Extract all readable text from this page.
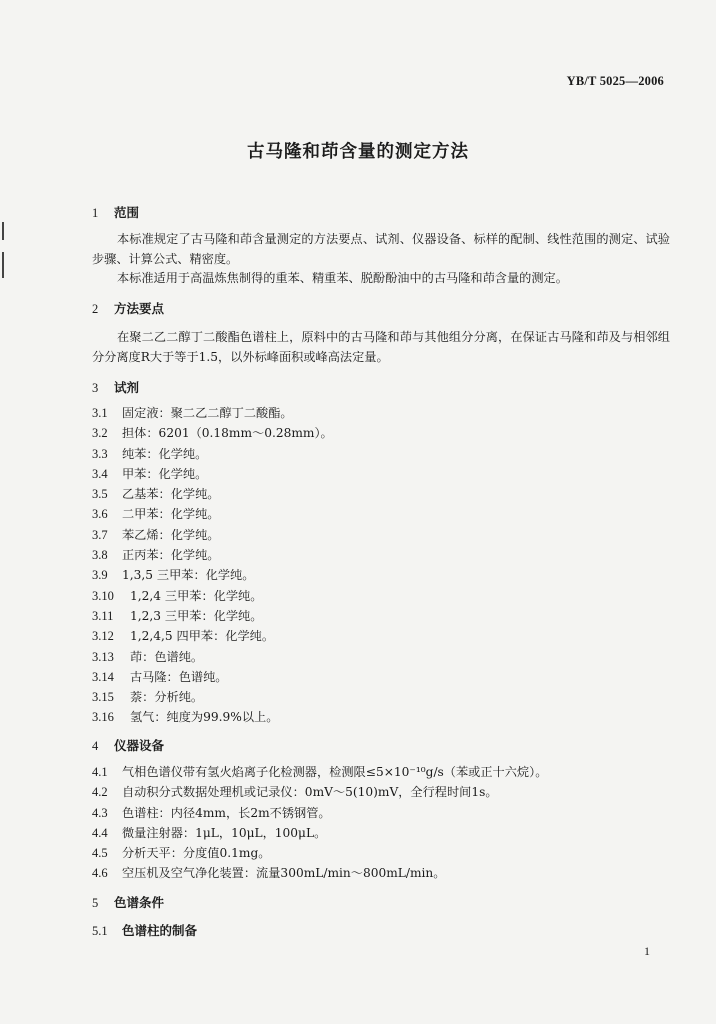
YB/T 5025—2006
古马隆和茚含量的测定方法
1 范围
本标准规定了古马隆和茚含量测定的方法要点、试剂、仪器设备、标样的配制、线性范围的测定、试验步骤、计算公式、精密度。
本标准适用于高温炼焦制得的重苯、精重苯、脱酚酚油中的古马隆和茚含量的测定。
2 方法要点
在聚二乙二醇丁二酸酯色谱柱上，原料中的古马隆和茚与其他组分分离，在保证古马隆和茚及与相邻组分分离度R大于等于1.5，以外标峰面积或峰高法定量。
3 试剂
3.1 固定液：聚二乙二醇丁二酸酯。
3.2 担体：6201（0.18mm～0.28mm）。
3.3 纯苯：化学纯。
3.4 甲苯：化学纯。
3.5 乙基苯：化学纯。
3.6 二甲苯：化学纯。
3.7 苯乙烯：化学纯。
3.8 正丙苯：化学纯。
3.9 1,3,5 三甲苯：化学纯。
3.10 1,2,4 三甲苯：化学纯。
3.11 1,2,3 三甲苯：化学纯。
3.12 1,2,4,5 四甲苯：化学纯。
3.13 茚：色谱纯。
3.14 古马隆：色谱纯。
3.15 萘：分析纯。
3.16 氢气：纯度为99.9%以上。
4 仪器设备
4.1 气相色谱仪带有氢火焰离子化检测器，检测限≤5×10⁻¹⁰g/s（苯或正十六烷）。
4.2 自动积分式数据处理机或记录仪：0mV～5(10)mV，全行程时间1s。
4.3 色谱柱：内径4mm，长2m不锈钢管。
4.4 微量注射器：1μL，10μL，100μL。
4.5 分析天平：分度值0.1mg。
4.6 空压机及空气净化装置：流量300mL/min～800mL/min。
5 色谱条件
5.1 色谱柱的制备
1
